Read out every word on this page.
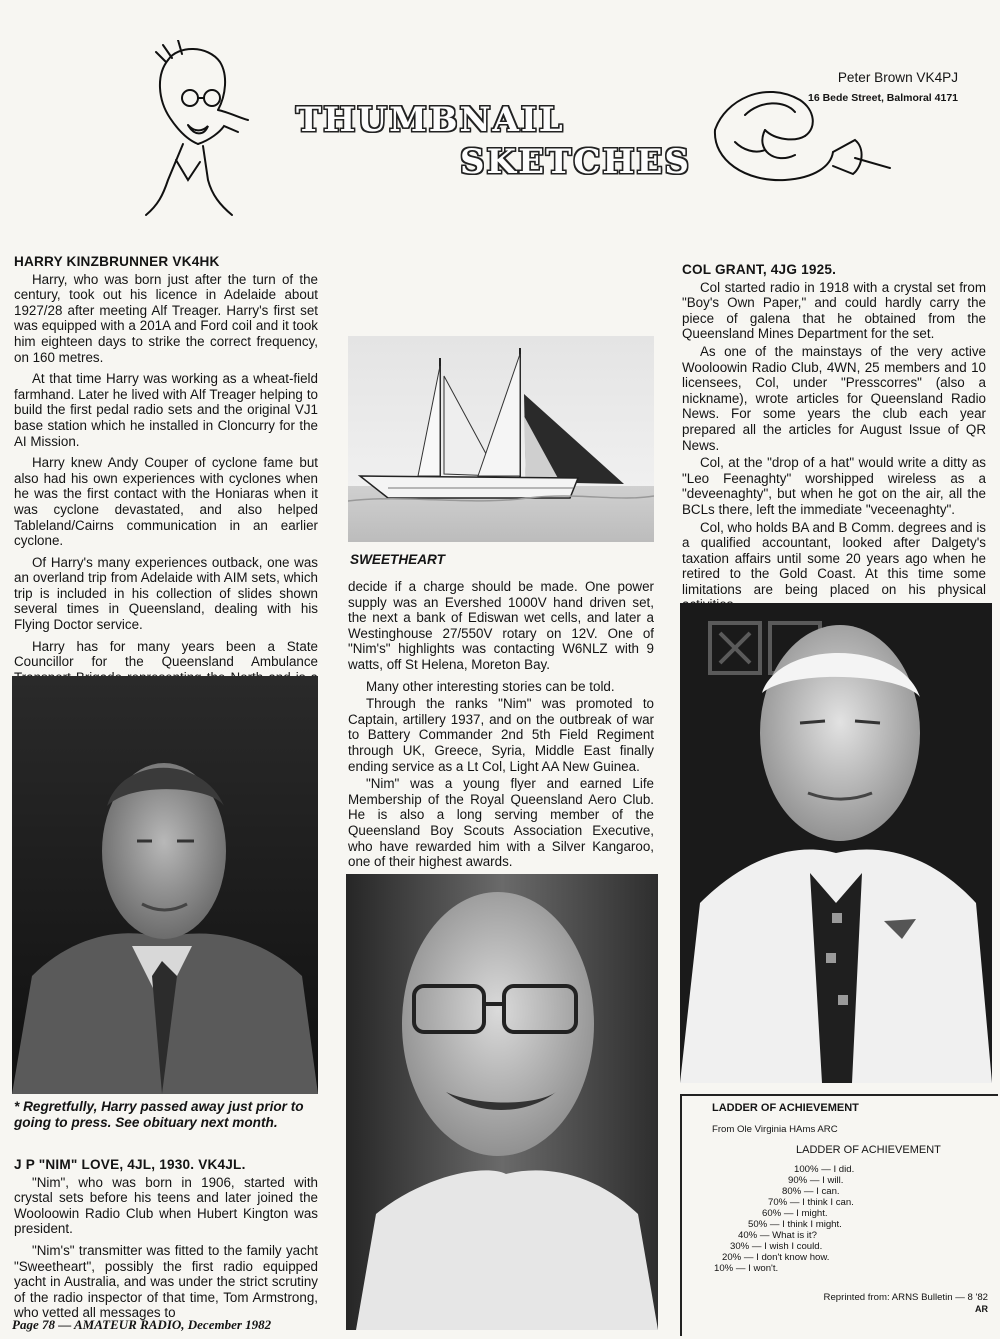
THUMBNAIL
SKETCHES
Peter Brown VK4PJ
16 Bede Street, Balmoral 4171
HARRY KINZBRUNNER VK4HK

Harry, who was born just after the turn of the century, took out his licence in Adelaide about 1927/28 after meeting Alf Treager. Harry's first set was equipped with a 201A and Ford coil and it took him eighteen days to strike the correct frequency, on 160 metres.

At that time Harry was working as a wheat-field farmhand. Later he lived with Alf Treager helping to build the first pedal radio sets and the original VJ1 base station which he installed in Cloncurry for the AI Mission.

Harry knew Andy Couper of cyclone fame but also had his own experiences with cyclones when he was the first contact with the Honiaras when it was cyclone devastated, and also helped Tableland/Cairns communication in an earlier cyclone.

Of Harry's many experiences outback, one was an overland trip from Adelaide with AIM sets, which trip is included in his collection of slides shown several times in Queensland, dealing with his Flying Doctor service.

Harry has for many years been a State Councillor for the Queensland Ambulance

* Regretfully, Harry passed away just prior to going to press. See obituary next month.
J P "NIM" LOVE, 4JL, 1930. VK4JL.

"Nim", who was born in 1906, started with crystal sets before his teens and later joined the Wooloowin Radio Club when Hubert Kington was president.

"Nim's" transmitter was fitted to the family yacht "Sweetheart", possibly the first radio equipped yacht in Australia, and was under the strict scrutiny of the radio inspector of that time, Tom Armstrong, who vetted all messages to

SWEETHEART

decide if a charge should be made. One power supply was an Evershed 1000V hand driven set, the next a bank of Ediswan wet cells, and later a Westinghouse 27/550V rotary on 12V. One of "Nim's" highlights was contacting W6NLZ with 9 watts, off St Helena, Moreton Bay.

Many other interesting stories can be told.

Through the ranks "Nim" was promoted to Captain, artillery 1937, and on the outbreak of war to Battery Commander 2nd 5th Field Regiment through UK, Greece, Syria, Middle East finally ending service as a Lt Col, Light AA New Guinea.

"Nim" was a young flyer and earned Life Membership of the Royal Queensland Aero Club. He is also a long serving member of the Queensland Boy Scouts Association Executive, who have rewarded him with a Silver Kangaroo, one of their highest awards.

COL GRANT, 4JG 1925.

Col started radio in 1918 with a crystal set from "Boy's Own Paper," and could hardly carry the piece of galena that he obtained from the Queensland Mines Department for the set.

As one of the mainstays of the very active Wooloowin Radio Club, 4WN, 25 members and 10 licensees, Col, under "Presscorres" (also a nickname), wrote articles for Queensland Radio News. For some years the club each year prepared all the articles for August Issue of QR News.

Col, at the "drop of a hat" would write a ditty as "Leo Feenaghty" worshipped wireless as a "deveenaghty", but when he got on the air, all the BCLs there, left the immediate "veceenaghty".

Col, who holds BA and B Comm. degrees and is a qualified accountant, looked after Dalgety's taxation affairs until some 20 years ago when he retired to the Gold Coast. At this time some limitations are being placed on his physical

LADDER OF ACHIEVEMENT
From Ole Virginia HAms ARC
LADDER OF ACHIEVEMENT
100% — I did.
90% — I will.
80% — I can.
70% — I think I can.
60% — I might.
50% — I think I might.
40% — What is it?
30% — I wish I could.
20% — I don't know how.
10% — I won't.
Reprinted from: ARNS Bulletin — 8 '82
AR
Page 78 — AMATEUR RADIO, December 1982
